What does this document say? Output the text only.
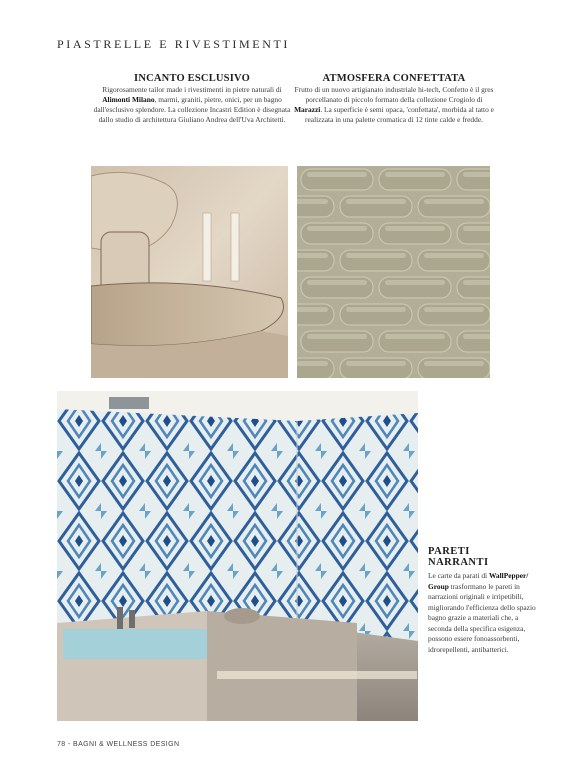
PIASTRELLE E RIVESTIMENTI
INCANTO ESCLUSIVO

Rigorosamente tailor made i rivestimenti in pietre naturali di Alimonti Milano, marmi, graniti, pietre, onici, per un bagno dall'esclusivo splendore. La collezione Incastri Edition è disegnata dallo studio di architettura Giuliano Andrea dell'Uva Architetti.

ATMOSFERA CONFETTATA

Frutto di un nuovo artigianato industriale hi-tech, Confetto è il gres porcellanato di piccolo formato della collezione Crogiolo di Marazzi. La superficie è semi opaca, 'confettata', morbida al tatto e realizzata in una palette cromatica di 12 tinte calde e fredde.

PARETI
NARRANTI

Le carte da parati di WallPepper/ Group trasformano le pareti in narrazioni originali e irripetibili, migliorando l'efficienza dello spazio bagno grazie a materiali che, a seconda della specifica esigenza, possono essere fonoassorbenti, idrorepellenti, antibatterici.

78 - BAGNI & WELLNESS DESIGN
